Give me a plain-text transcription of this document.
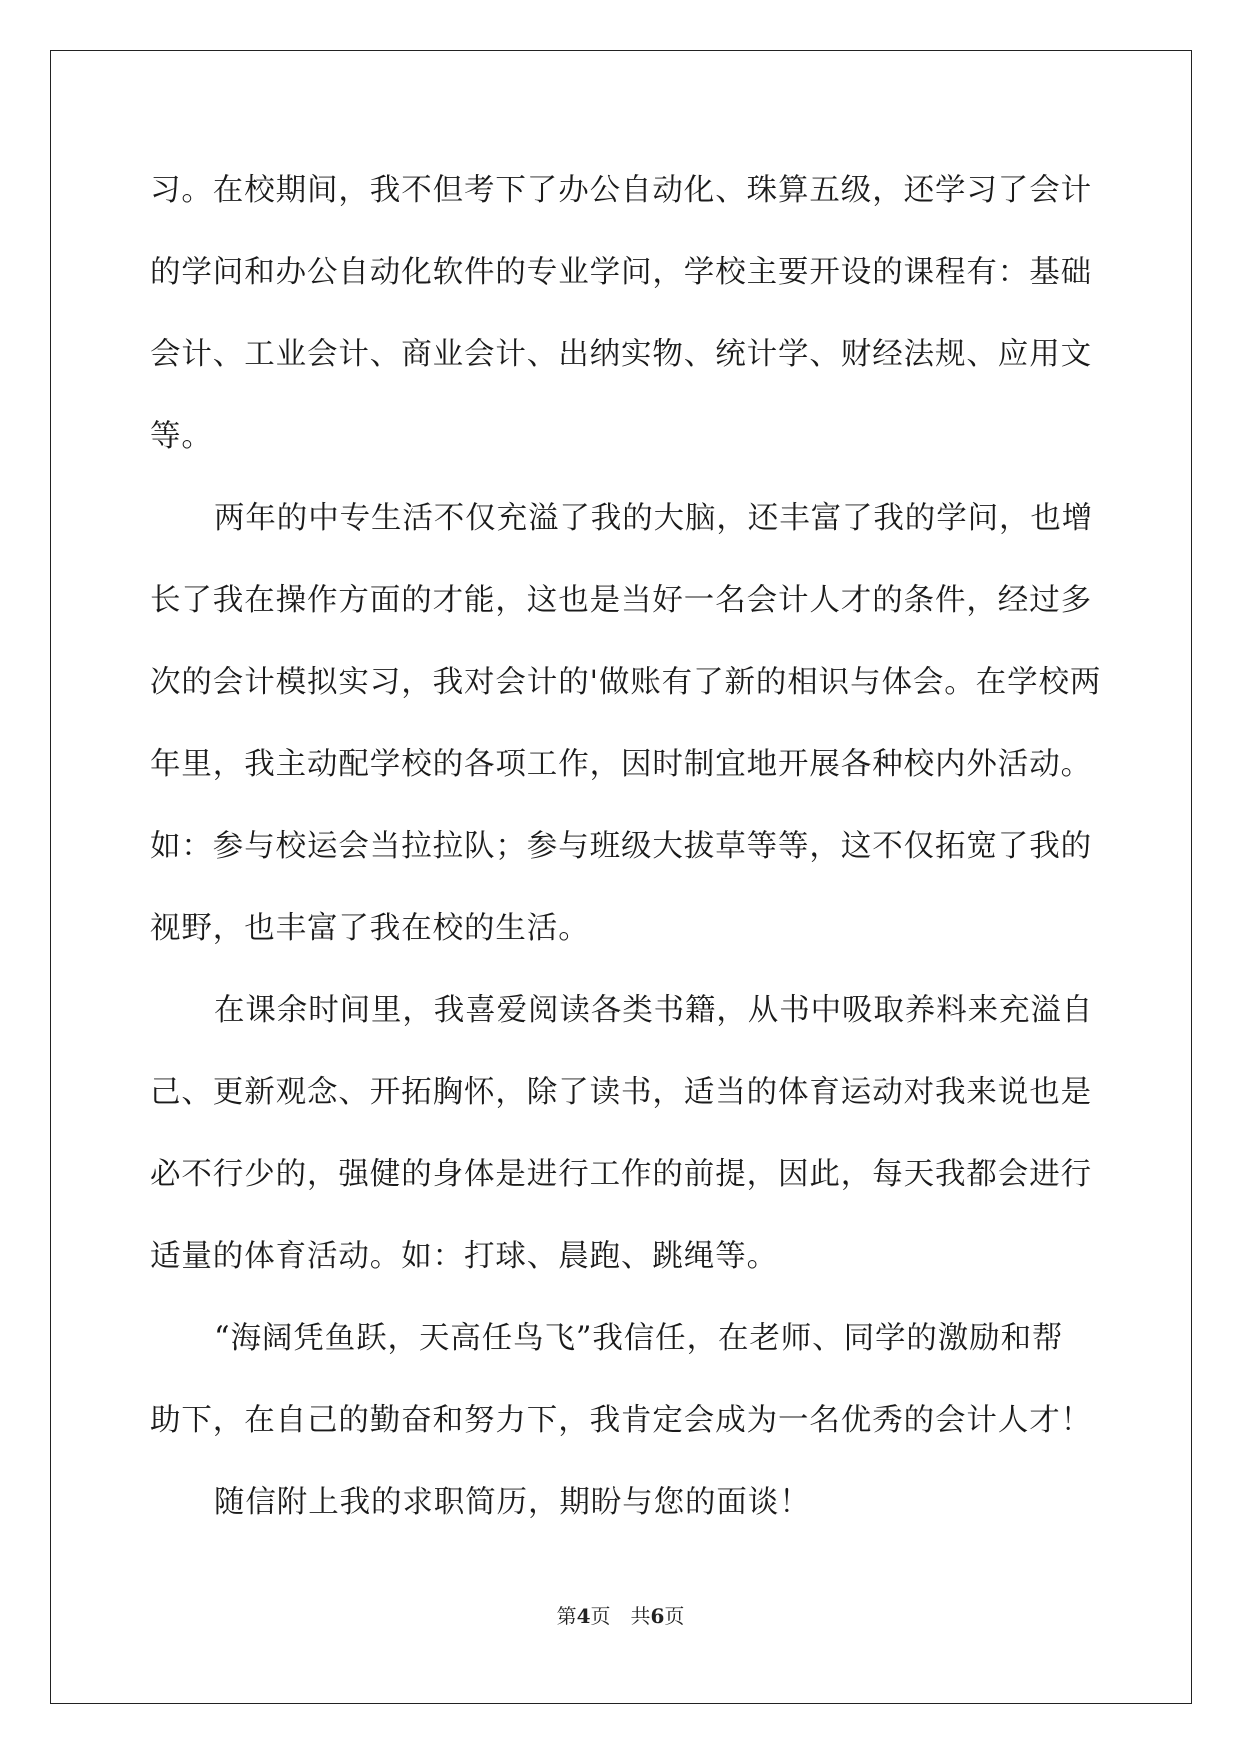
习。在校期间，我不但考下了办公自动化、珠算五级，还学习了会计
的学问和办公自动化软件的专业学问，学校主要开设的课程有：基础
会计、工业会计、商业会计、出纳实物、统计学、财经法规、应用文
等。
两年的中专生活不仅充溢了我的大脑，还丰富了我的学问，也增
长了我在操作方面的才能，这也是当好一名会计人才的条件，经过多
次的会计模拟实习，我对会计的'做账有了新的相识与体会。在学校两
年里，我主动配学校的各项工作，因时制宜地开展各种校内外活动。
如：参与校运会当拉拉队；参与班级大拔草等等，这不仅拓宽了我的
视野，也丰富了我在校的生活。
在课余时间里，我喜爱阅读各类书籍，从书中吸取养料来充溢自
己、更新观念、开拓胸怀，除了读书，适当的体育运动对我来说也是
必不行少的，强健的身体是进行工作的前提，因此，每天我都会进行
适量的体育活动。如：打球、晨跑、跳绳等。
“海阔凭鱼跃，天高任鸟飞”我信任，在老师、同学的激励和帮
助下，在自己的勤奋和努力下，我肯定会成为一名优秀的会计人才！
随信附上我的求职简历，期盼与您的面谈！
第4页　共6页
